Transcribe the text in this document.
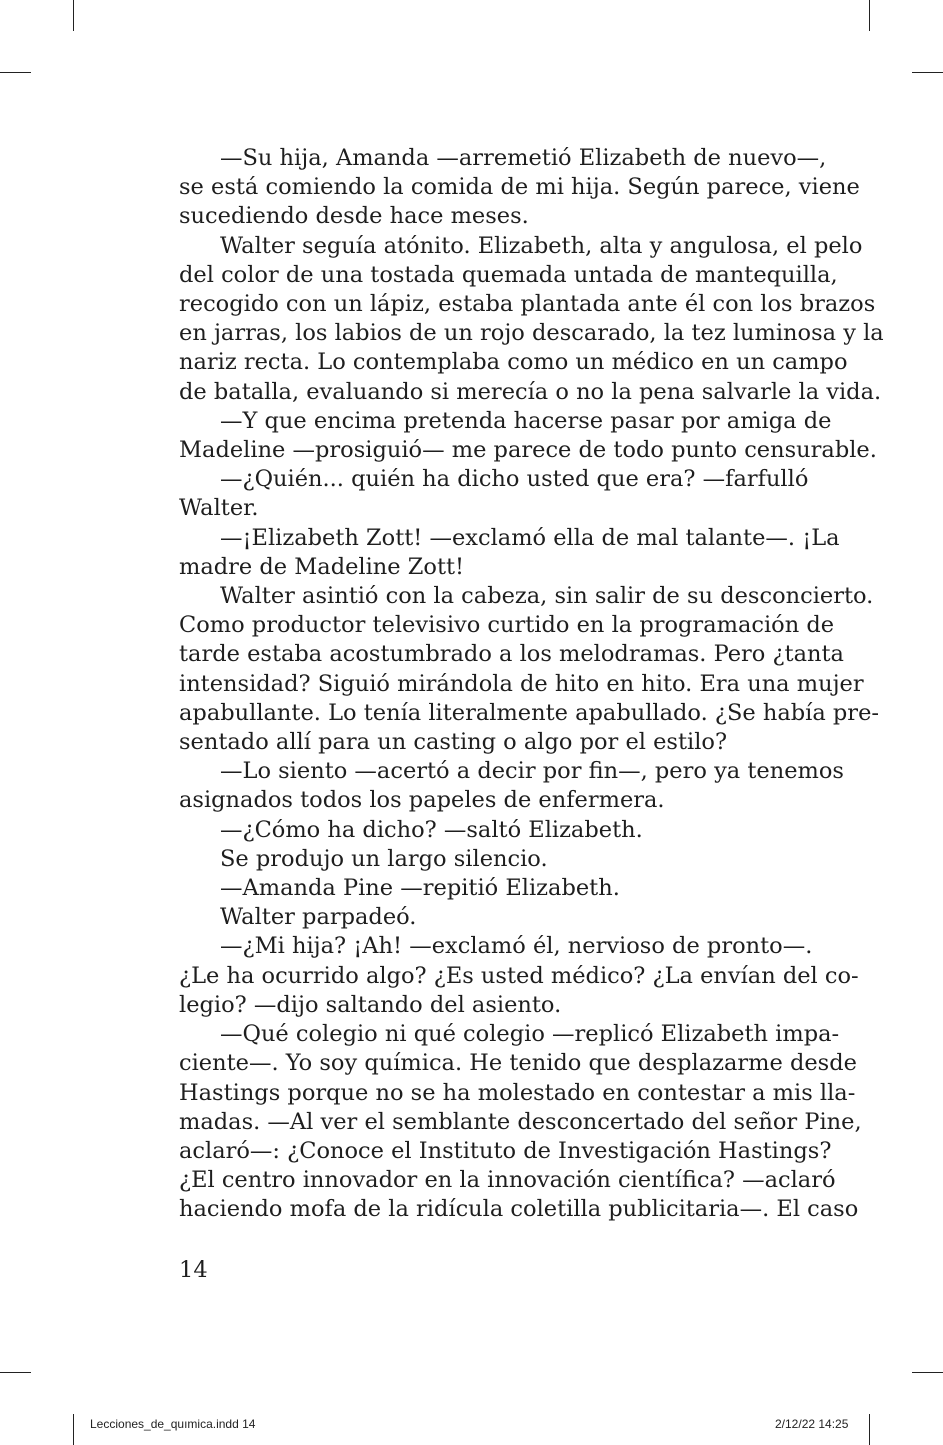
—Su hija, Amanda —arremetió Elizabeth de nuevo—,
se está comiendo la comida de mi hija. Según parece, viene
sucediendo desde hace meses.
Walter seguía atónito. Elizabeth, alta y angulosa, el pelo
del color de una tostada quemada untada de mantequilla,
recogido con un lápiz, estaba plantada ante él con los brazos
en jarras, los labios de un rojo descarado, la tez luminosa y la
nariz recta. Lo contemplaba como un médico en un campo
de batalla, evaluando si merecía o no la pena salvarle la vida.
—Y que encima pretenda hacerse pasar por amiga de
Madeline —prosiguió— me parece de todo punto censurable.
—¿Quién... quién ha dicho usted que era? —farfulló
Walter.
—¡Elizabeth Zott! —exclamó ella de mal talante—. ¡La
madre de Madeline Zott!
Walter asintió con la cabeza, sin salir de su desconcierto.
Como productor televisivo curtido en la programación de
tarde estaba acostumbrado a los melodramas. Pero ¿tanta
intensidad? Siguió mirándola de hito en hito. Era una mujer
apabullante. Lo tenía literalmente apabullado. ¿Se había pre-
sentado allí para un casting o algo por el estilo?
—Lo siento —acertó a decir por fin—, pero ya tenemos
asignados todos los papeles de enfermera.
—¿Cómo ha dicho? —saltó Elizabeth.
Se produjo un largo silencio.
—Amanda Pine —repitió Elizabeth.
Walter parpadeó.
—¿Mi hija? ¡Ah! —exclamó él, nervioso de pronto—.
¿Le ha ocurrido algo? ¿Es usted médico? ¿La envían del co-
legio? —dijo saltando del asiento.
—Qué colegio ni qué colegio —replicó Elizabeth impa-
ciente—. Yo soy química. He tenido que desplazarme desde
Hastings porque no se ha molestado en contestar a mis lla-
madas. —Al ver el semblante desconcertado del señor Pine,
aclaró—: ¿Conoce el Instituto de Investigación Hastings?
¿El centro innovador en la innovación científica? —aclaró
haciendo mofa de la ridícula coletilla publicitaria—. El caso
14
Lecciones_de_quımica.indd 14	2/12/22 14:25
